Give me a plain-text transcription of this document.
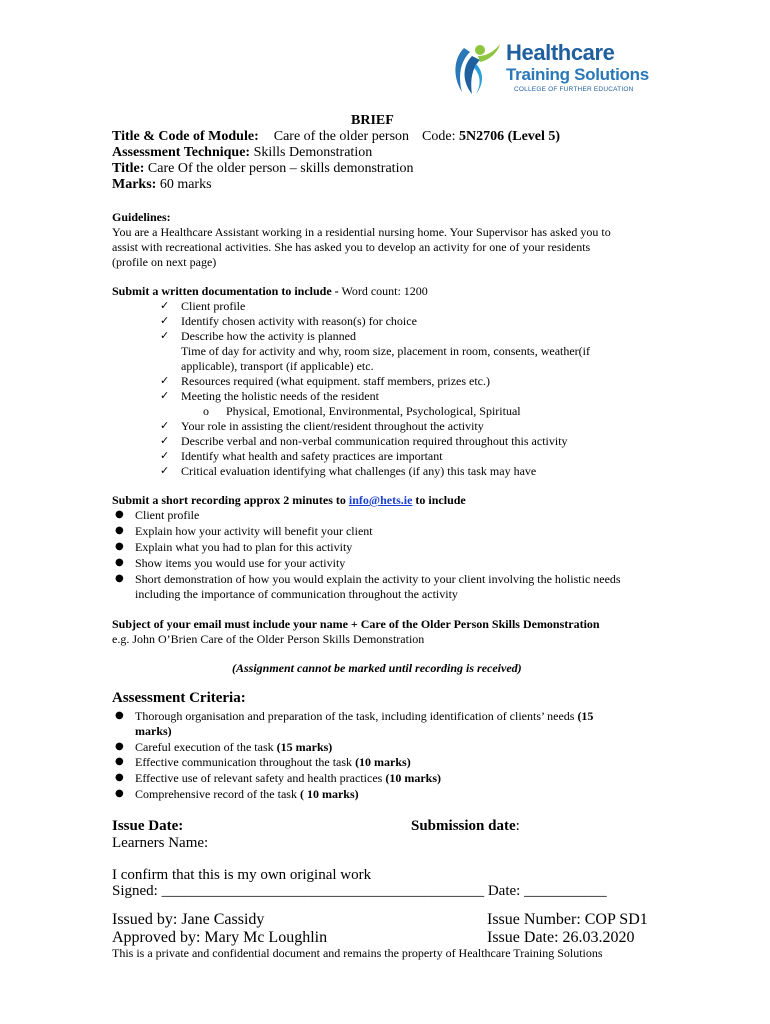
Healthcare
Training Solutions
COLLEGE OF FURTHER EDUCATION
BRIEF
Title & Code of Module: Care of the older person Code: 5N2706 (Level 5)
Assessment Technique: Skills Demonstration
Title: Care Of the older person – skills demonstration
Marks: 60 marks
Guidelines:
You are a Healthcare Assistant working in a residential nursing home. Your Supervisor has asked you to
assist with recreational activities. She has asked you to develop an activity for one of your residents
(profile on next page)
Submit a written documentation to include - Word count: 1200
✓ Client profile
✓ Identify chosen activity with reason(s) for choice
✓ Describe how the activity is planned
Time of day for activity and why, room size, placement in room, consents, weather(if
applicable), transport (if applicable) etc.
✓ Resources required (what equipment. staff members, prizes etc.)
✓ Meeting the holistic needs of the resident
o Physical, Emotional, Environmental, Psychological, Spiritual
✓ Your role in assisting the client/resident throughout the activity
✓ Describe verbal and non-verbal communication required throughout this activity
✓ Identify what health and safety practices are important
✓ Critical evaluation identifying what challenges (if any) this task may have
Submit a short recording approx 2 minutes to info@hets.ie to include
● Client profile
● Explain how your activity will benefit your client
● Explain what you had to plan for this activity
● Show items you would use for your activity
● Short demonstration of how you would explain the activity to your client involving the holistic needs
including the importance of communication throughout the activity
Subject of your email must include your name + Care of the Older Person Skills Demonstration
e.g. John O’Brien Care of the Older Person Skills Demonstration
(Assignment cannot be marked until recording is received)
Assessment Criteria:
● Thorough organisation and preparation of the task, including identification of clients’ needs (15
marks)
● Careful execution of the task (15 marks)
● Effective communication throughout the task (10 marks)
● Effective use of relevant safety and health practices (10 marks)
● Comprehensive record of the task ( 10 marks)
Issue Date:	Submission date:
Learners Name:
I confirm that this is my own original work
Signed: ___________________________________________ Date: ___________
Issued by: Jane Cassidy
Approved by: Mary Mc Loughlin
Issue Number: COP SD1
Issue Date: 26.03.2020
This is a private and confidential document and remains the property of Healthcare Training Solutions
